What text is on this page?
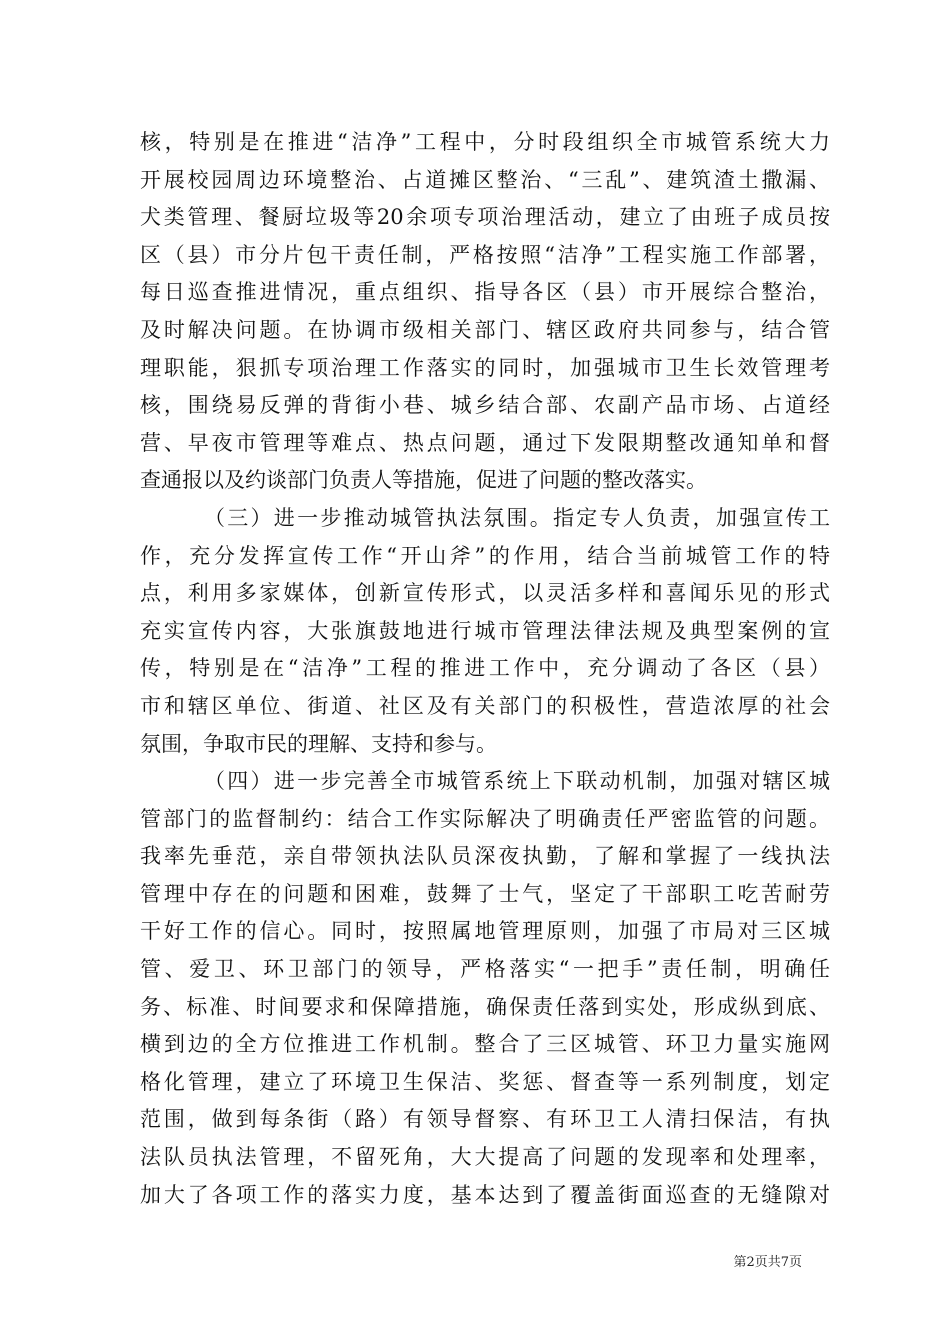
核，特别是在推进“洁净”工程中，分时段组织全市城管系统大力
开展校园周边环境整治、占道摊区整治、“三乱”、建筑渣土撒漏、
犬类管理、餐厨垃圾等20余项专项治理活动，建立了由班子成员按
区（县）市分片包干责任制，严格按照“洁净”工程实施工作部署，
每日巡查推进情况，重点组织、指导各区（县）市开展综合整治，
及时解决问题。在协调市级相关部门、辖区政府共同参与，结合管
理职能，狠抓专项治理工作落实的同时，加强城市卫生长效管理考
核，围绕易反弹的背街小巷、城乡结合部、农副产品市场、占道经
营、早夜市管理等难点、热点问题，通过下发限期整改通知单和督
查通报以及约谈部门负责人等措施，促进了问题的整改落实。
（三）进一步推动城管执法氛围。指定专人负责，加强宣传工
作，充分发挥宣传工作“开山斧”的作用，结合当前城管工作的特
点，利用多家媒体，创新宣传形式，以灵活多样和喜闻乐见的形式
充实宣传内容，大张旗鼓地进行城市管理法律法规及典型案例的宣
传，特别是在“洁净”工程的推进工作中，充分调动了各区（县）
市和辖区单位、街道、社区及有关部门的积极性，营造浓厚的社会
氛围，争取市民的理解、支持和参与。
（四）进一步完善全市城管系统上下联动机制，加强对辖区城
管部门的监督制约：结合工作实际解决了明确责任严密监管的问题。
我率先垂范，亲自带领执法队员深夜执勤，了解和掌握了一线执法
管理中存在的问题和困难，鼓舞了士气，坚定了干部职工吃苦耐劳
干好工作的信心。同时，按照属地管理原则，加强了市局对三区城
管、爱卫、环卫部门的领导，严格落实“一把手”责任制，明确任
务、标准、时间要求和保障措施，确保责任落到实处，形成纵到底、
横到边的全方位推进工作机制。整合了三区城管、环卫力量实施网
格化管理，建立了环境卫生保洁、奖惩、督查等一系列制度，划定
范围，做到每条街（路）有领导督察、有环卫工人清扫保洁，有执
法队员执法管理，不留死角，大大提高了问题的发现率和处理率，
加大了各项工作的落实力度，基本达到了覆盖街面巡查的无缝隙对
第2页共7页
